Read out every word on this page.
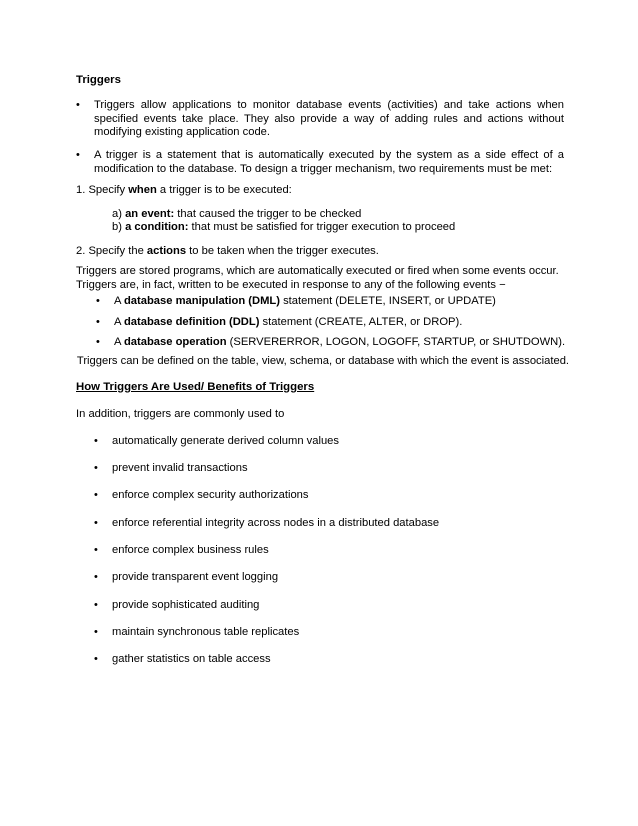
Triggers
•

Triggers allow applications to monitor database events (activities) and take actions when specified events take place. They also provide a way of adding rules and actions without modifying existing application code.

•

A trigger is a statement that is automatically executed by the system as a side effect of a modification to the database. To design a trigger mechanism, two requirements must be met:

1. Specify when a trigger is to be executed:
a) an event: that caused the trigger to be checked
b) a condition: that must be satisfied for trigger execution to proceed
2. Specify the actions to be taken when the trigger executes.

Triggers are stored programs, which are automatically executed or fired when some events occur. Triggers are, in fact, written to be executed in response to any of the following events −

•
A database manipulation (DML) statement (DELETE, INSERT, or UPDATE)
•
A database definition (DDL) statement (CREATE, ALTER, or DROP).
•
A database operation (SERVERERROR, LOGON, LOGOFF, STARTUP, or SHUTDOWN).

Triggers can be defined on the table, view, schema, or database with which the event is associated.

How Triggers Are Used/ Benefits of Triggers
In addition, triggers are commonly used to
•
automatically generate derived column values
•
prevent invalid transactions
•
enforce complex security authorizations
•
enforce referential integrity across nodes in a distributed database
•
enforce complex business rules
•
provide transparent event logging
•
provide sophisticated auditing
•
maintain synchronous table replicates
•
gather statistics on table access
